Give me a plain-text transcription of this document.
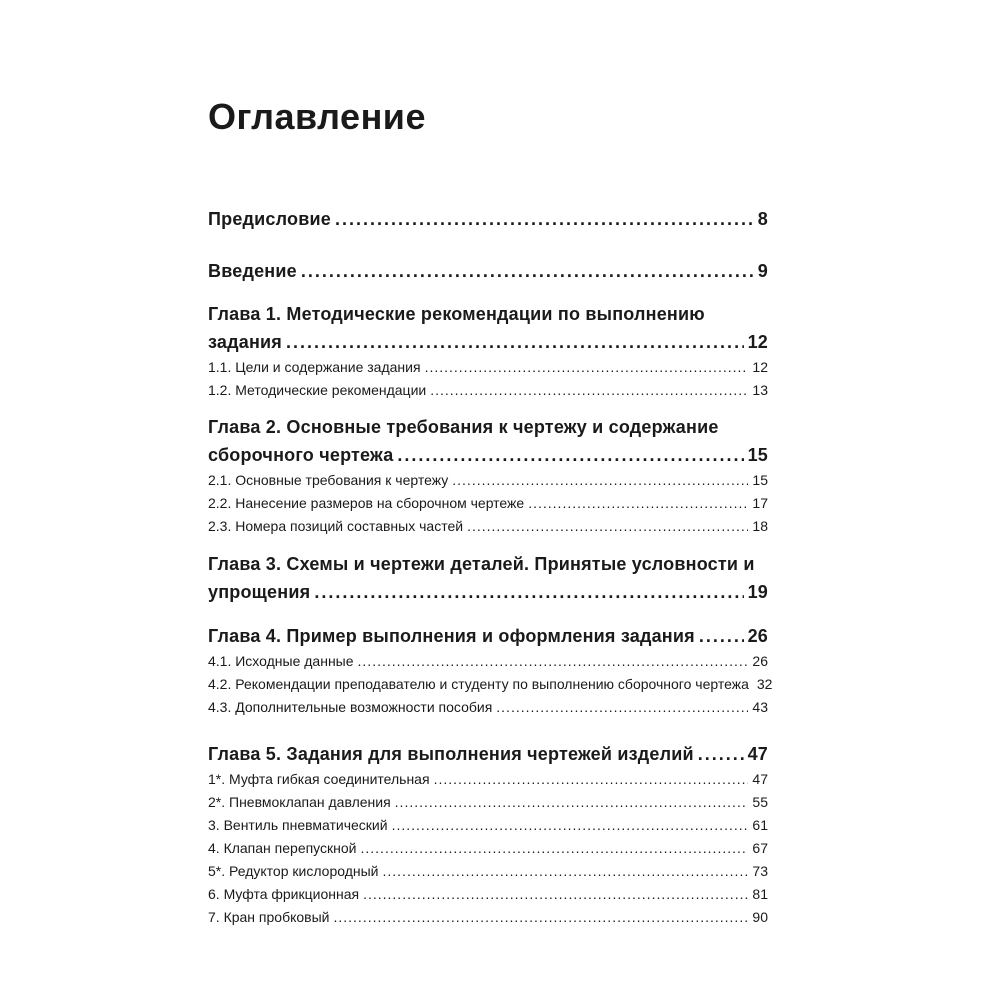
Оглавление
Предисловие .....	8
Введение .....	9
Глава 1. Методические рекомендации по выполнению
задания .....	12
1.1. Цели и содержание задания .....	12
1.2. Методические рекомендации .....	13
Глава 2. Основные требования к чертежу и содержание
сборочного чертежа .....	15
2.1. Основные требования к чертежу .....	15
2.2. Нанесение размеров на сборочном чертеже .....	17
2.3. Номера позиций составных частей .....	18
Глава 3. Схемы и чертежи деталей. Принятые условности и
упрощения .....	19
Глава 4. Пример выполнения и оформления задания .....	26
4.1. Исходные данные .....	26
4.2. Рекомендации преподавателю и студенту по выполнению сборочного чертежа 32
4.3. Дополнительные возможности пособия .....	43
Глава 5. Задания для выполнения чертежей изделий .....	47
1*. Муфта гибкая соединительная .....	47
2*. Пневмоклапан давления .....	55
3. Вентиль пневматический .....	61
4. Клапан перепускной .....	67
5*. Редуктор кислородный .....	73
6. Муфта фрикционная .....	81
7. Кран пробковый .....	90
